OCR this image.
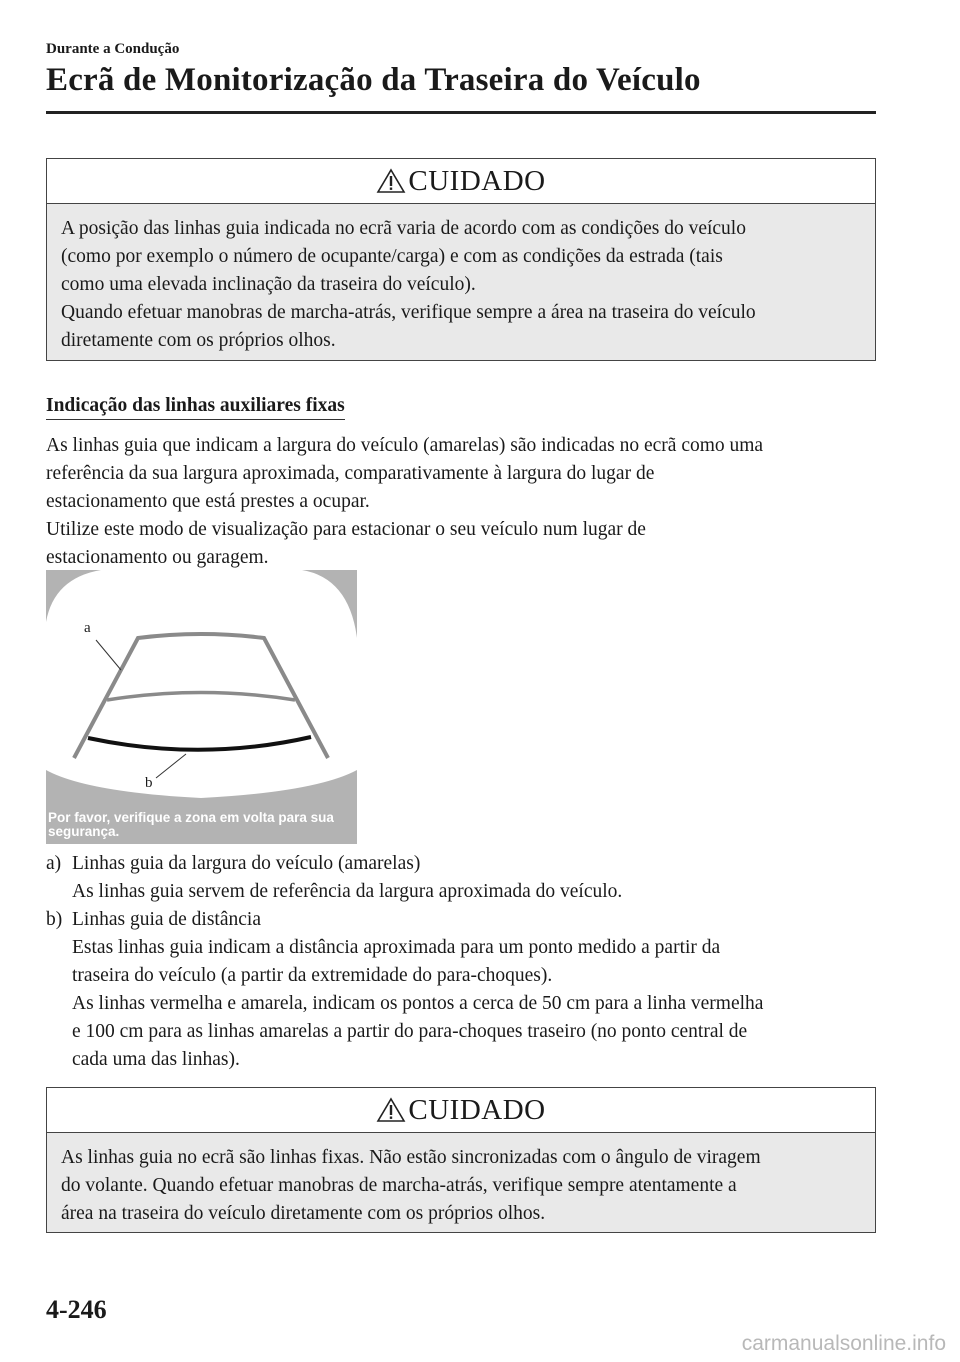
Durante a Condução
Ecrã de Monitorização da Traseira do Veículo
CUIDADO

A posição das linhas guia indicada no ecrã varia de acordo com as condições do veículo

(como por exemplo o número de ocupante/carga) e com as condições da estrada (tais

como uma elevada inclinação da traseira do veículo).

Quando efetuar manobras de marcha-atrás, verifique sempre a área na traseira do veículo

diretamente com os próprios olhos.

Indicação das linhas auxiliares fixas

As linhas guia que indicam a largura do veículo (amarelas) são indicadas no ecrã como uma

referência da sua largura aproximada, comparativamente à largura do lugar de

estacionamento que está prestes a ocupar.

Utilize este modo de visualização para estacionar o seu veículo num lugar de

estacionamento ou garagem.

a
b
Por favor, verifique a zona em volta para sua segurança.
a) Linhas guia da largura do veículo (amarelas)

As linhas guia servem de referência da largura aproximada do veículo.

b) Linhas guia de distância

Estas linhas guia indicam a distância aproximada para um ponto medido a partir da

traseira do veículo (a partir da extremidade do para-choques).

As linhas vermelha e amarela, indicam os pontos a cerca de 50 cm para a linha vermelha

e 100 cm para as linhas amarelas a partir do para-choques traseiro (no ponto central de

cada uma das linhas).

CUIDADO

As linhas guia no ecrã são linhas fixas. Não estão sincronizadas com o ângulo de viragem

do volante. Quando efetuar manobras de marcha-atrás, verifique sempre atentamente a

área na traseira do veículo diretamente com os próprios olhos.

4-246
carmanualsonline.info
